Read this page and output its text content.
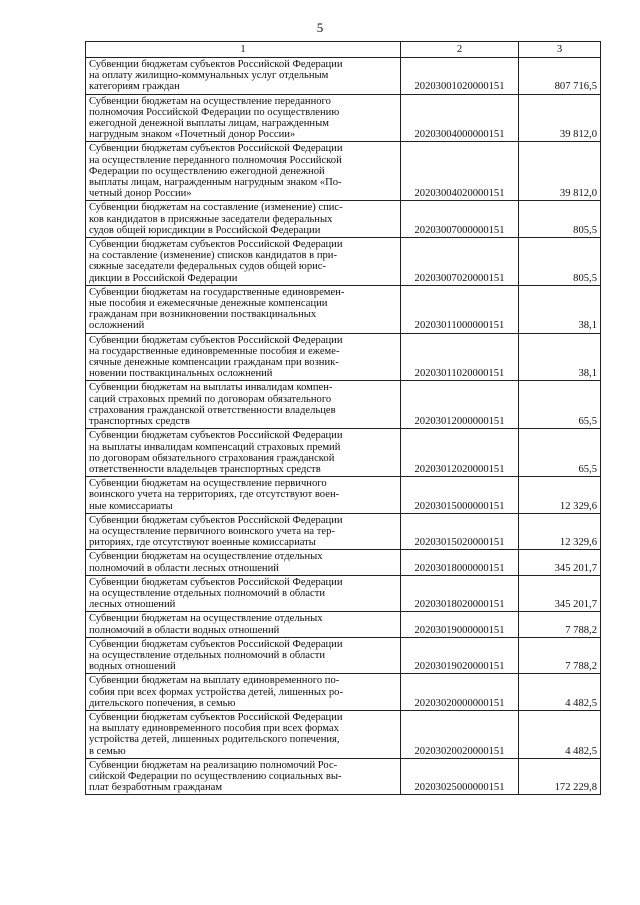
5
1	2	3

Субвенции бюджетам субъектов Российской Федерации
на оплату жилищно-коммунальных услуг отдельным
категориям граждан	20203001020000151	807 716,5

Субвенции бюджетам на осуществление переданного
полномочия Российской Федерации по осуществлению
ежегодной денежной выплаты лицам, награжденным
нагрудным знаком «Почетный донор России»	20203004000000151	39 812,0

Субвенции бюджетам субъектов Российской Федерации
на осуществление переданного полномочия Российской
Федерации по осуществлению ежегодной денежной
выплаты лицам, награжденным нагрудным знаком «По-
четный донор России»	20203004020000151	39 812,0

Субвенции бюджетам на составление (изменение) спис-
ков кандидатов в присяжные заседатели федеральных
судов общей юрисдикции в Российской Федерации	20203007000000151	805,5

Субвенции бюджетам субъектов Российской Федерации
на составление (изменение) списков кандидатов в при-
сяжные заседатели федеральных судов общей юрис-
дикции в Российской Федерации	20203007020000151	805,5

Субвенции бюджетам на государственные единовремен-
ные пособия и ежемесячные денежные компенсации
гражданам при возникновении поствакцинальных
осложнений	20203011000000151	38,1

Субвенции бюджетам субъектов Российской Федерации
на государственные единовременные пособия и ежеме-
сячные денежные компенсации гражданам при возник-
новении поствакцинальных осложнений	20203011020000151	38,1

Субвенции бюджетам на выплаты инвалидам компен-
саций страховых премий по договорам обязательного
страхования гражданской ответственности владельцев
транспортных средств	20203012000000151	65,5

Субвенции бюджетам субъектов Российской Федерации
на выплаты инвалидам компенсаций страховых премий
по договорам обязательного страхования гражданской
ответственности владельцев транспортных средств	20203012020000151	65,5

Субвенции бюджетам на осуществление первичного
воинского учета на территориях, где отсутствуют воен-
ные комиссариаты	20203015000000151	12 329,6

Субвенции бюджетам субъектов Российской Федерации
на осуществление первичного воинского учета на тер-
риториях, где отсутствуют военные комиссариаты	20203015020000151	12 329,6

Субвенции бюджетам на осуществление отдельных
полномочий в области лесных отношений	20203018000000151	345 201,7

Субвенции бюджетам субъектов Российской Федерации
на осуществление отдельных полномочий в области
лесных отношений	20203018020000151	345 201,7

Субвенции бюджетам на осуществление отдельных
полномочий в области водных отношений	20203019000000151	7 788,2

Субвенции бюджетам субъектов Российской Федерации
на осуществление отдельных полномочий в области
водных отношений	20203019020000151	7 788,2

Субвенции бюджетам на выплату единовременного по-
собия при всех формах устройства детей, лишенных ро-
дительского попечения, в семью	20203020000000151	4 482,5

Субвенции бюджетам субъектов Российской Федерации
на выплату единовременного пособия при всех формах
устройства детей, лишенных родительского попечения,
в семью	20203020020000151	4 482,5

Субвенции бюджетам на реализацию полномочий Рос-
сийской Федерации по осуществлению социальных вы-
плат безработным гражданам	20203025000000151	172 229,8
